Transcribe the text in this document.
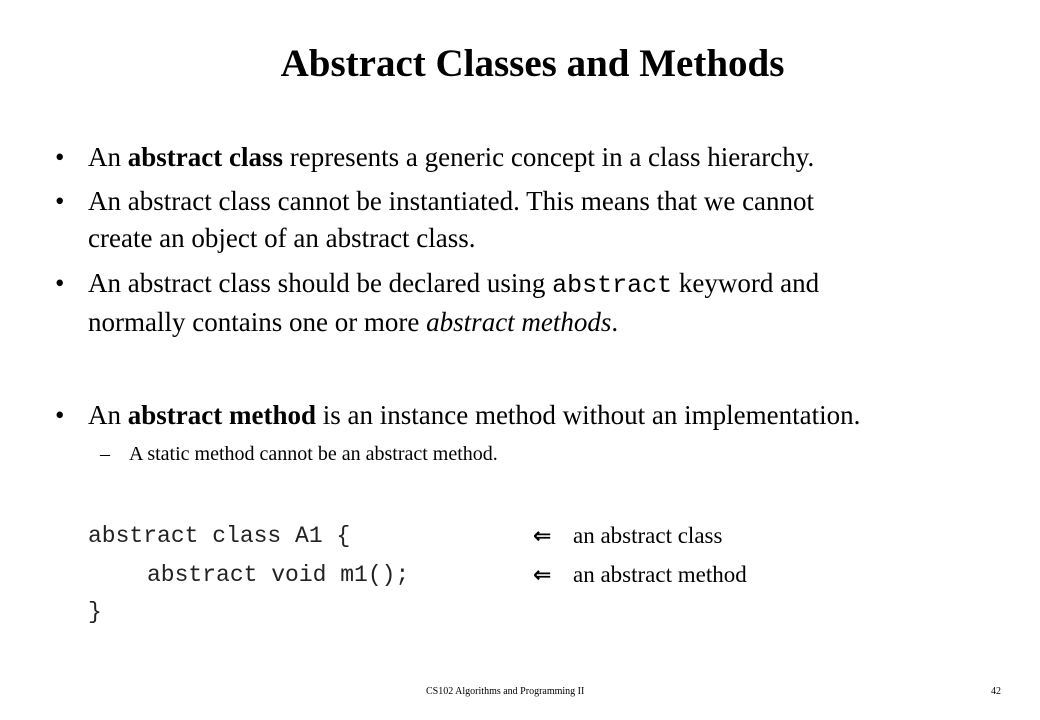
Abstract Classes and Methods
• An abstract class represents a generic concept in a class hierarchy.
• An abstract class cannot be instantiated. This means that we cannot
create an object of an abstract class.
• An abstract class should be declared using abstract keyword and
normally contains one or more abstract methods.
• An abstract method is an instance method without an implementation.
– A static method cannot be an abstract method.
abstract class A1 {
abstract void m1();
}
⇐ an abstract class
⇐ an abstract method
CS102 Algorithms and Programming II	42
